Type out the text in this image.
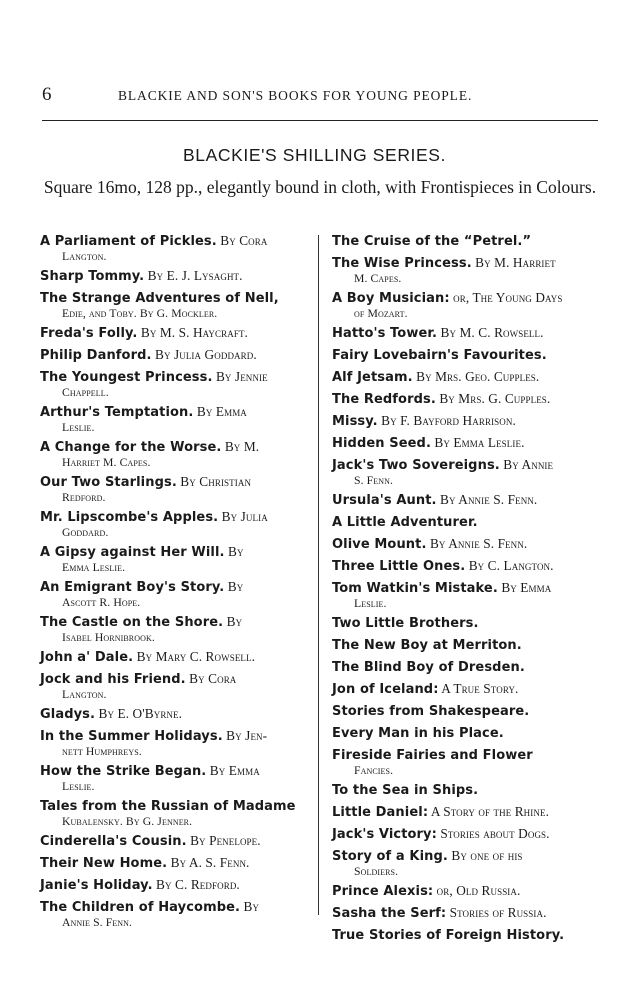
6	BLACKIE AND SON'S BOOKS FOR YOUNG PEOPLE.
BLACKIE'S SHILLING SERIES.
Square 16mo, 128 pp., elegantly bound in cloth, with Frontispieces in Colours.
A Parliament of Pickles. By Cora
Langton.
Sharp Tommy. By E. J. Lysaght.
The Strange Adventures of Nell,
Edie, and Toby. By G. Mockler.
Freda's Folly. By M. S. Haycraft.
Philip Danford. By Julia Goddard.
The Youngest Princess. By Jennie
Chappell.
Arthur's Temptation. By Emma
Leslie.
A Change for the Worse. By M.
Harriet M. Capes.
Our Two Starlings. By Christian
Redford.
Mr. Lipscombe's Apples. By Julia
Goddard.
A Gipsy against Her Will. By
Emma Leslie.
An Emigrant Boy's Story. By
Ascott R. Hope.
The Castle on the Shore. By
Isabel Hornibrook.
John a' Dale. By Mary C. Rowsell.
Jock and his Friend. By Cora
Langton.
Gladys. By E. O'Byrne.
In the Summer Holidays. By Jen-
nett Humphreys.
How the Strike Began. By Emma
Leslie.
Tales from the Russian of Madame
Kubalensky. By G. Jenner.
Cinderella's Cousin. By Penelope.
Their New Home. By A. S. Fenn.
Janie's Holiday. By C. Redford.
The Children of Haycombe. By
Annie S. Fenn.
The Cruise of the “Petrel.”
The Wise Princess. By M. Harriet
M. Capes.
A Boy Musician: or, The Young Days
of Mozart.
Hatto's Tower. By M. C. Rowsell.
Fairy Lovebairn's Favourites.
Alf Jetsam. By Mrs. Geo. Cupples.
The Redfords. By Mrs. G. Cupples.
Missy. By F. Bayford Harrison.
Hidden Seed. By Emma Leslie.
Jack's Two Sovereigns. By Annie
S. Fenn.
Ursula's Aunt. By Annie S. Fenn.
A Little Adventurer.
Olive Mount. By Annie S. Fenn.
Three Little Ones. By C. Langton.
Tom Watkin's Mistake. By Emma
Leslie.
Two Little Brothers.
The New Boy at Merriton.
The Blind Boy of Dresden.
Jon of Iceland: A True Story.
Stories from Shakespeare.
Every Man in his Place.
Fireside Fairies and Flower
Fancies.
To the Sea in Ships.
Little Daniel: A Story of the Rhine.
Jack's Victory: Stories about Dogs.
Story of a King. By one of his
Soldiers.
Prince Alexis: or, Old Russia.
Sasha the Serf: Stories of Russia.
True Stories of Foreign History.
